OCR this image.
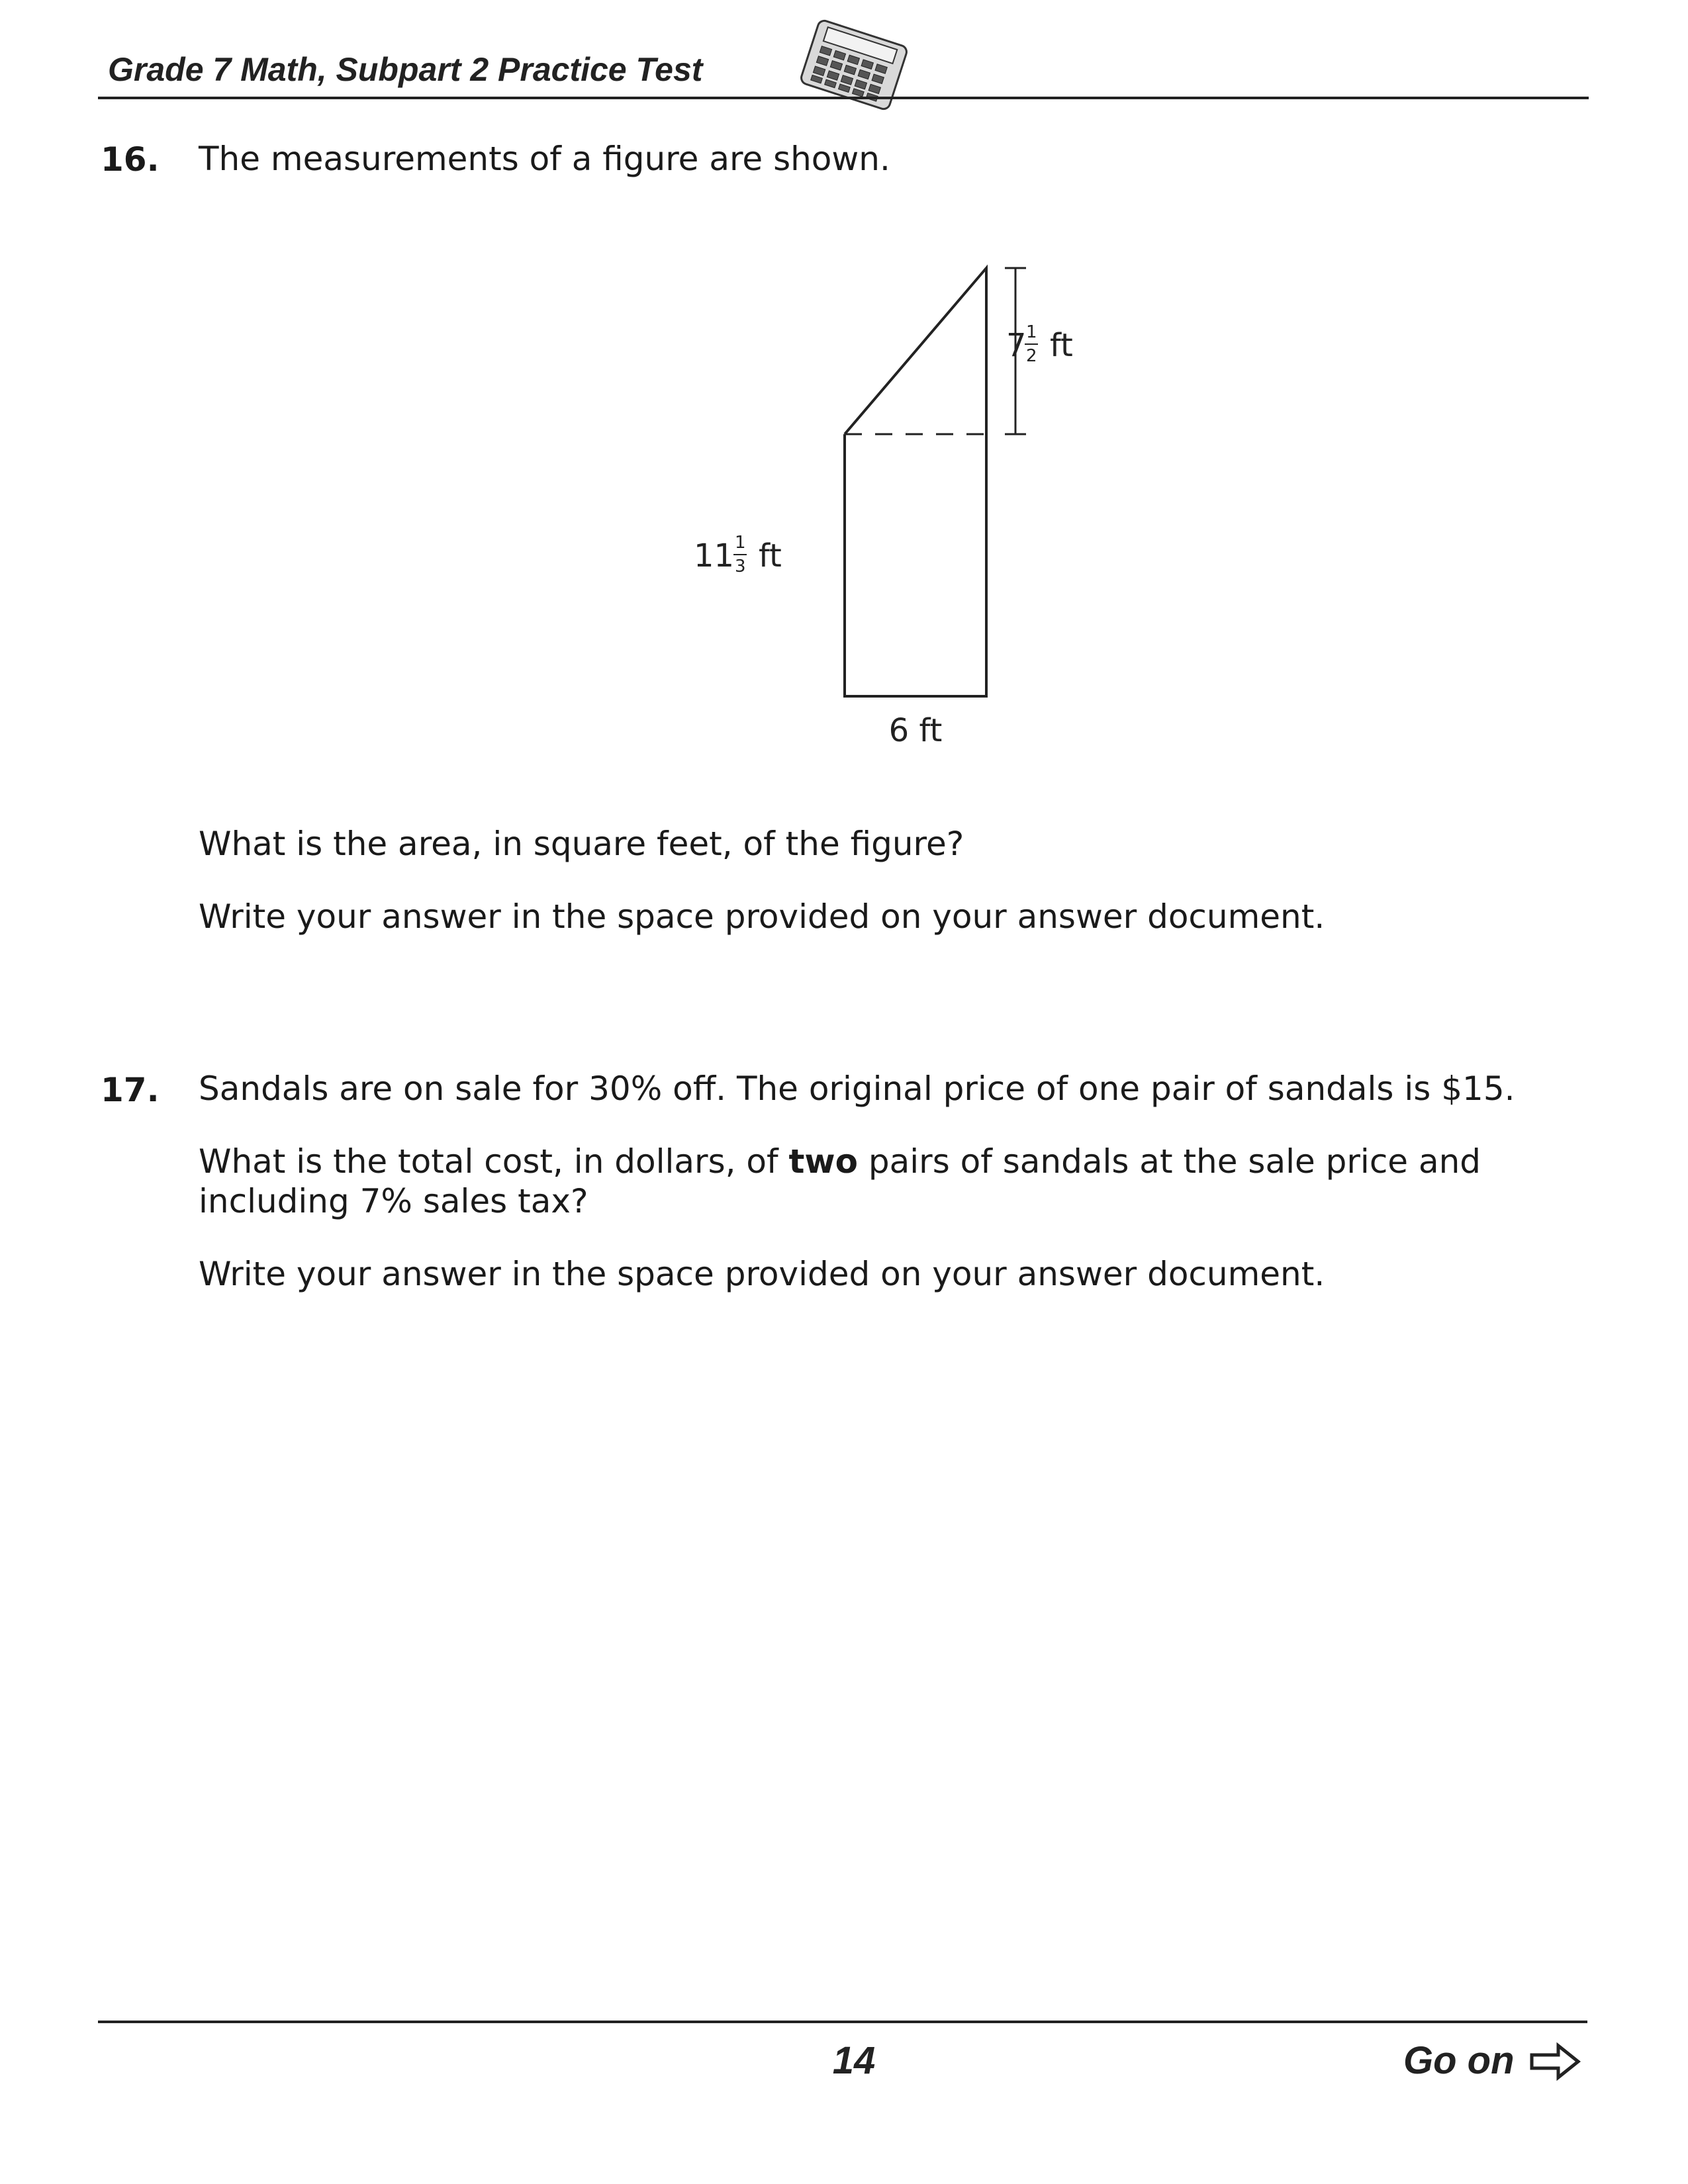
Grade 7 Math, Subpart 2 Practice Test
16. The measurements of a figure are shown.
7 1
2 ft
11 1
3 ft
6 ft
What is the area, in square feet, of the figure?
Write your answer in the space provided on your answer document.
17. Sandals are on sale for 30% off. The original price of one pair of sandals is $15.
What is the total cost, in dollars, of two pairs of sandals at the sale price and
including 7% sales tax?
Write your answer in the space provided on your answer document.
14	Go on
